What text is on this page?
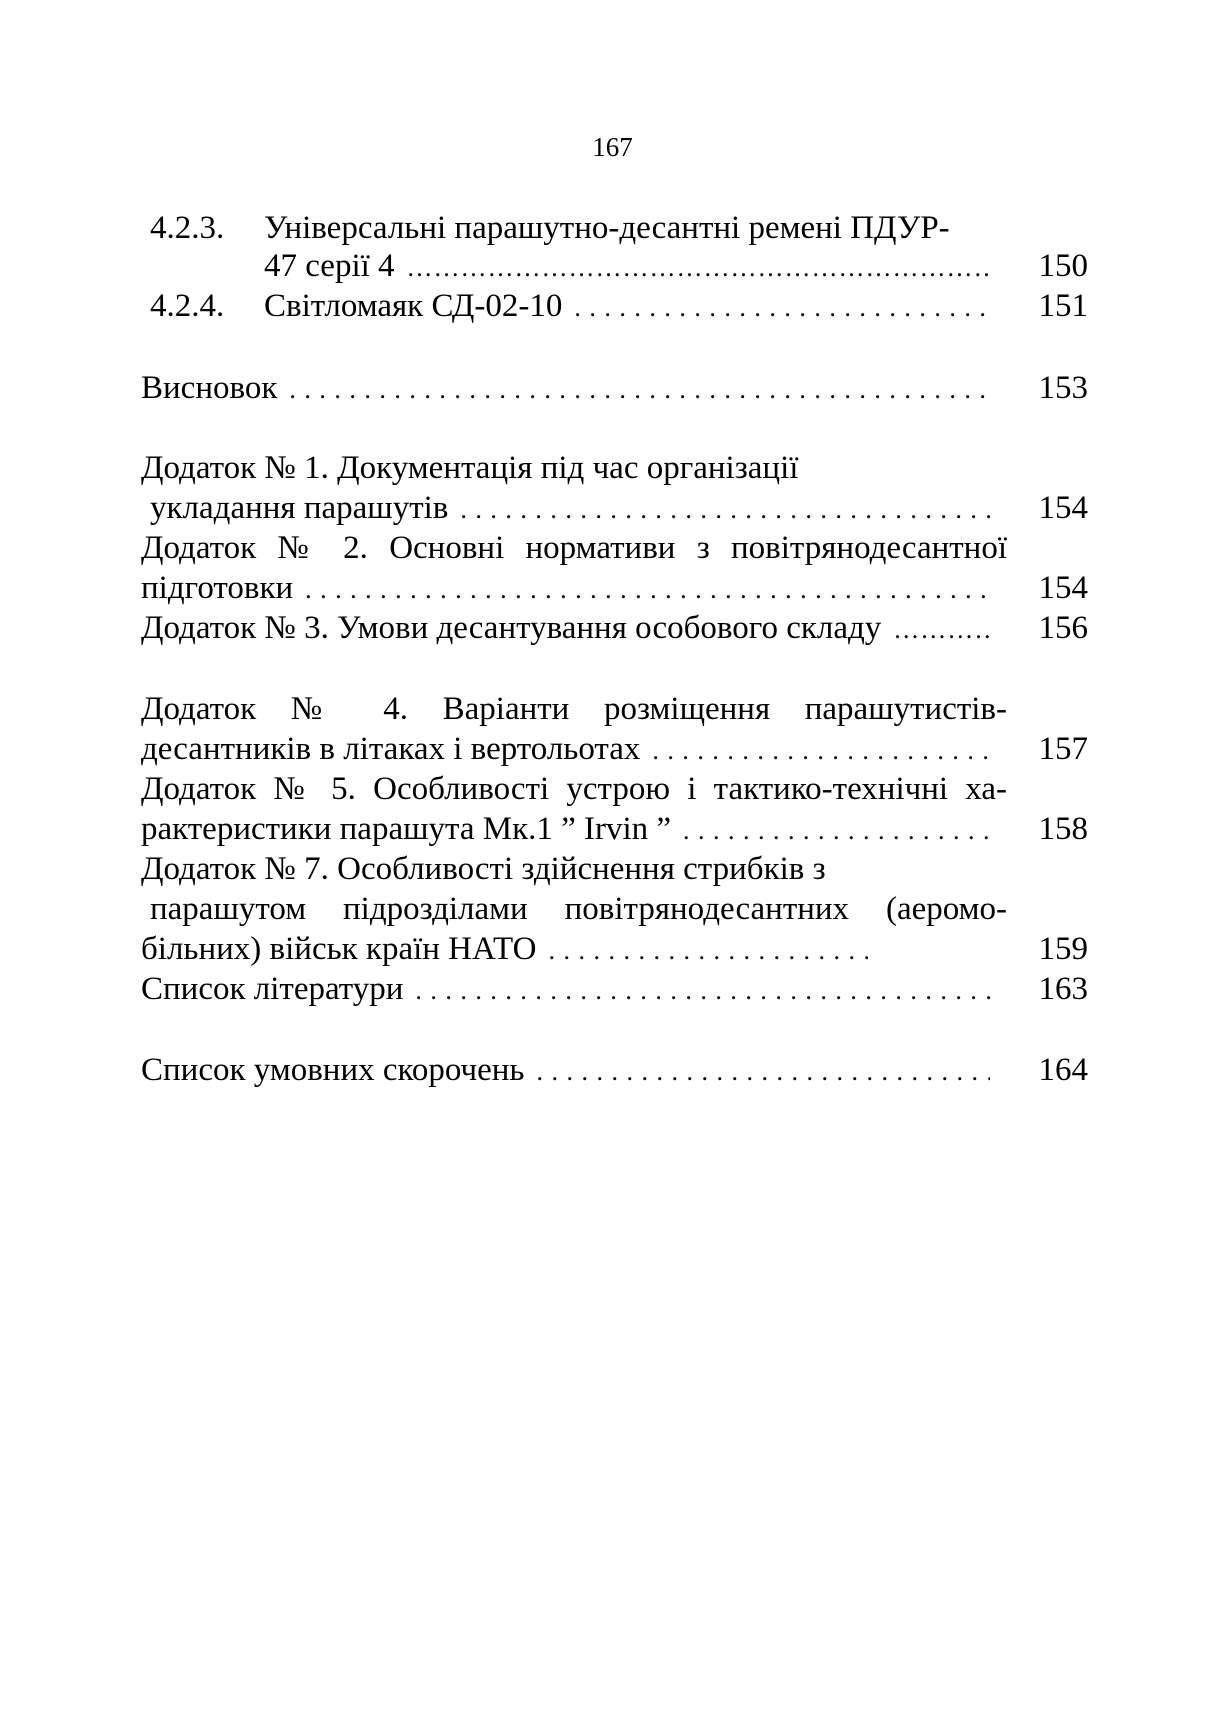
167
4.2.3. Універсальні парашутно-десантні ремені ПДУР-
47 серії 4 ……………………………………………………………………………………………………………………………………………………	150
4.2.4. Світломаяк СД-02-10 . . .	151
Висновок . . .	153
Додаток № 1. Документація під час організації
укладання парашутів . . .	154
Додаток № 2. Основні нормативи з повітрянодесантної
підготовки . . .	154
Додаток № 3. Умови десантування особового складу ……………………………………………………………………………………………………………………………………………………	156
Додаток № 4. Варіанти розміщення парашутистів-
десантників в літаках і вертольотах . . .	157
Додаток № 5. Особливості устрою і тактико-технічні ха-
рактеристики парашута Мк.1 ” Irvin ” . . .	158
Додаток № 7. Особливості здійснення стрибків з
парашутом підрозділами повітрянодесантних (аеромо-
більних) військ країн НАТО . . .	159
Список літератури . . .	163
Список умовних скорочень . . .	164
